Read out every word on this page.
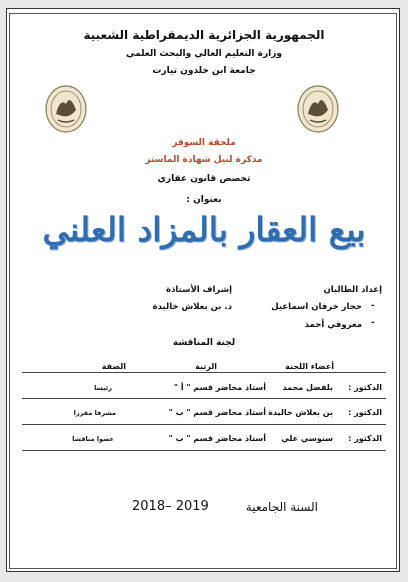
الجمهورية الجزائرية الديمقراطية الشعبية
وزارة التعليم العالي والبحث العلمي
جامعة ابن خلدون تيارت
ملحقة السوقر
مذكرة لنيل شهادة الماستر
تخصص قانون عقاري
بعنوان :
بيع العقار بالمزاد العلني
إعداد الطالبان
إشراف الأستاذة
-
حجار خرفان اسماعيل
د. بن بعلاش خاليدة
-
معروفي أحمد
لجنة المناقشة
أعضاء اللجنة
الرتبة
الصفة
الدكتور :
بلفضل محمد
أستاذ محاضر قسم " أ "
رئيسا
الدكتور :
بن بعلاش خاليدة
أستاذ محاضر قسم " ب "
مشرفا مقررا
الدكتور :
سنوسي علي
أستاذ محاضر قسم " ب "
عضوا مناقشا
السنة الجامعية
2018– 2019
